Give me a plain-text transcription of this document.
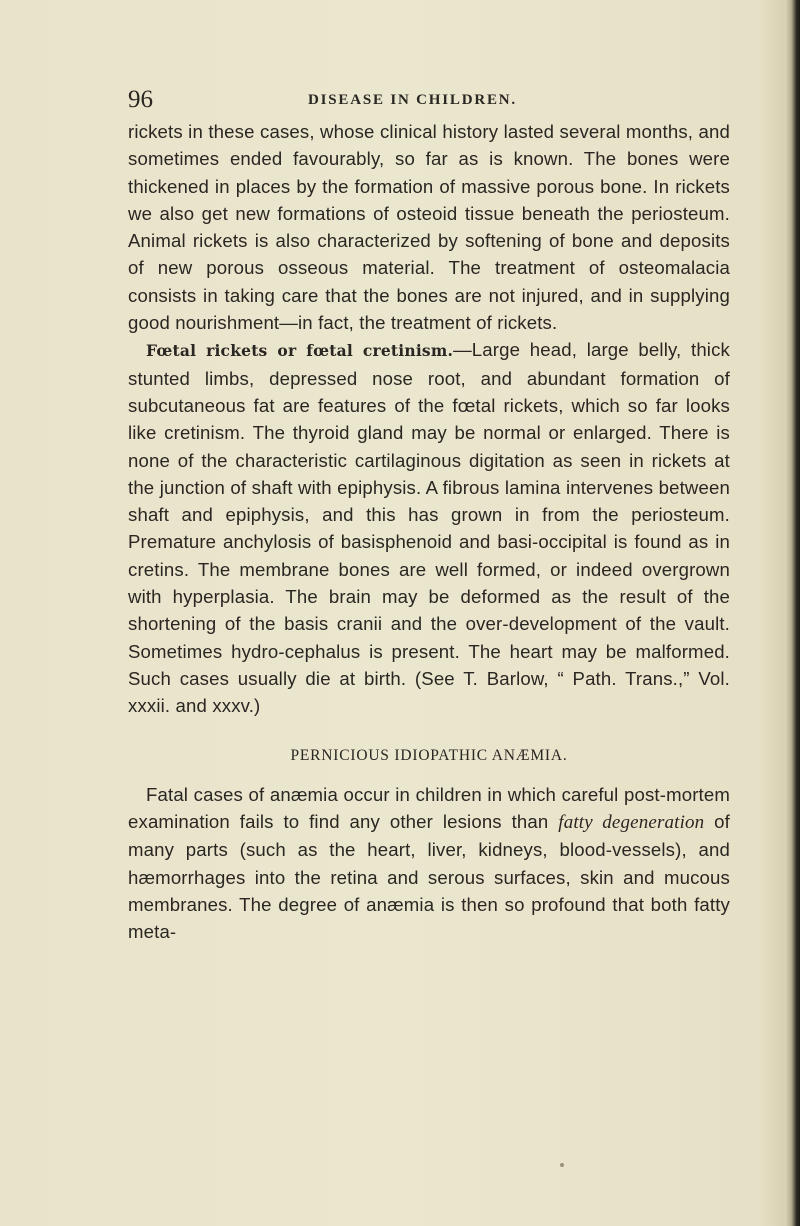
96	DISEASE IN CHILDREN.

rickets in these cases, whose clinical history lasted several months, and sometimes ended favourably, so far as is known. The bones were thickened in places by the formation of massive porous bone. In rickets we also get new formations of osteoid tissue beneath the periosteum. Animal rickets is also characterized by softening of bone and deposits of new porous osseous material. The treatment of osteomalacia consists in taking care that the bones are not injured, and in supplying good nourishment—in fact, the treatment of rickets.

Fœtal rickets or fœtal cretinism.—Large head, large belly, thick stunted limbs, depressed nose root, and abundant formation of subcutaneous fat are features of the fœtal rickets, which so far looks like cretinism. The thyroid gland may be normal or enlarged. There is none of the characteristic cartilaginous digitation as seen in rickets at the junction of shaft with epiphysis. A fibrous lamina intervenes between shaft and epiphysis, and this has grown in from the periosteum. Premature anchylosis of basisphenoid and basi-occipital is found as in cretins. The membrane bones are well formed, or indeed overgrown with hyperplasia. The brain may be deformed as the result of the shortening of the basis cranii and the over-development of the vault. Sometimes hydro-cephalus is present. The heart may be malformed. Such cases usually die at birth. (See T. Barlow, “ Path. Trans.,” Vol. xxxii. and xxxv.)

PERNICIOUS IDIOPATHIC ANÆMIA.

Fatal cases of anæmia occur in children in which careful post-mortem examination fails to find any other lesions than fatty degeneration of many parts (such as the heart, liver, kidneys, blood-vessels), and hæmorrhages into the retina and serous surfaces, skin and mucous membranes. The degree of anæmia is then so profound that both fatty meta-
